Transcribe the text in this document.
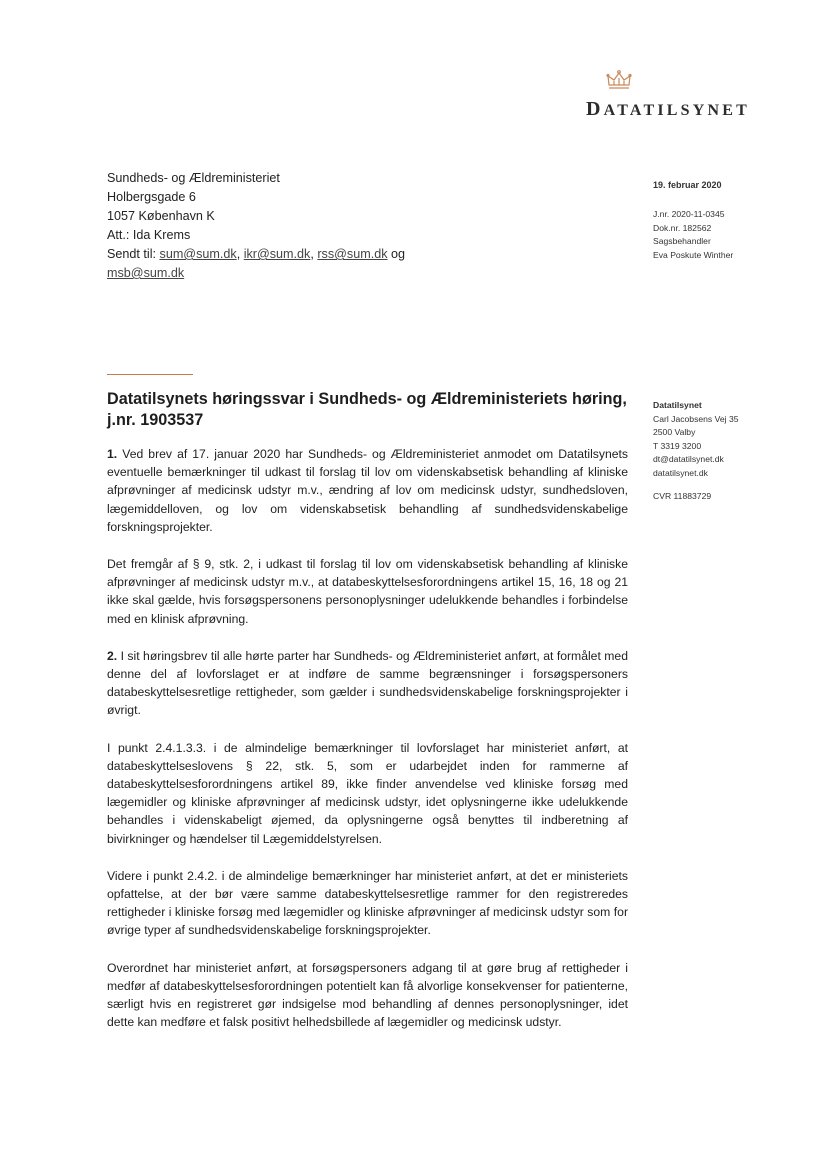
DATATILSYNET
Sundheds- og Ældreministeriet
Holbergsgade 6
1057 København K
Att.: Ida Krems
Sendt til: sum@sum.dk, ikr@sum.dk, rss@sum.dk og
msb@sum.dk
19. februar 2020
J.nr. 2020-11-0345
Dok.nr. 182562
Sagsbehandler
Eva Poskute Winther
Datatilsynet
Carl Jacobsens Vej 35
2500 Valby
T 3319 3200
dt@datatilsynet.dk
datatilsynet.dk
CVR 11883729
Datatilsynets høringssvar i Sundheds- og Ældreministeriets høring, j.nr. 1903537

1. Ved brev af 17. januar 2020 har Sundheds- og Ældreministeriet anmodet om Datatilsynets eventuelle bemærkninger til udkast til forslag til lov om videnskabsetisk behandling af kliniske afprøvninger af medicinsk udstyr m.v., ændring af lov om medicinsk udstyr, sundhedsloven, lægemiddelloven, og lov om videnskabsetisk behandling af sundhedsvidenskabelige forskningsprojekter.

Det fremgår af § 9, stk. 2, i udkast til forslag til lov om videnskabsetisk behandling af kliniske afprøvninger af medicinsk udstyr m.v., at databeskyttelsesforordningens artikel 15, 16, 18 og 21 ikke skal gælde, hvis forsøgspersonens personoplysninger udelukkende behandles i forbindelse med en klinisk afprøvning.

2. I sit høringsbrev til alle hørte parter har Sundheds- og Ældreministeriet anført, at formålet med denne del af lovforslaget er at indføre de samme begrænsninger i forsøgspersoners databeskyttelsesretlige rettigheder, som gælder i sundhedsvidenskabelige forskningsprojekter i øvrigt.

I punkt 2.4.1.3.3. i de almindelige bemærkninger til lovforslaget har ministeriet anført, at databeskyttelseslovens § 22, stk. 5, som er udarbejdet inden for rammerne af databeskyttelsesforordningens artikel 89, ikke finder anvendelse ved kliniske forsøg med lægemidler og kliniske afprøvninger af medicinsk udstyr, idet oplysningerne ikke udelukkende behandles i videnskabeligt øjemed, da oplysningerne også benyttes til indberetning af bivirkninger og hændelser til Lægemiddelstyrelsen.

Videre i punkt 2.4.2. i de almindelige bemærkninger har ministeriet anført, at det er ministeriets opfattelse, at der bør være samme databeskyttelsesretlige rammer for den registreredes rettigheder i kliniske forsøg med lægemidler og kliniske afprøvninger af medicinsk udstyr som for øvrige typer af sundhedsvidenskabelige forskningsprojekter.

Overordnet har ministeriet anført, at forsøgspersoners adgang til at gøre brug af rettigheder i medfør af databeskyttelsesforordningen potentielt kan få alvorlige konsekvenser for patienterne, særligt hvis en registreret gør indsigelse mod behandling af dennes personoplysninger, idet dette kan medføre et falsk positivt helhedsbillede af lægemidler og medicinsk udstyr.
